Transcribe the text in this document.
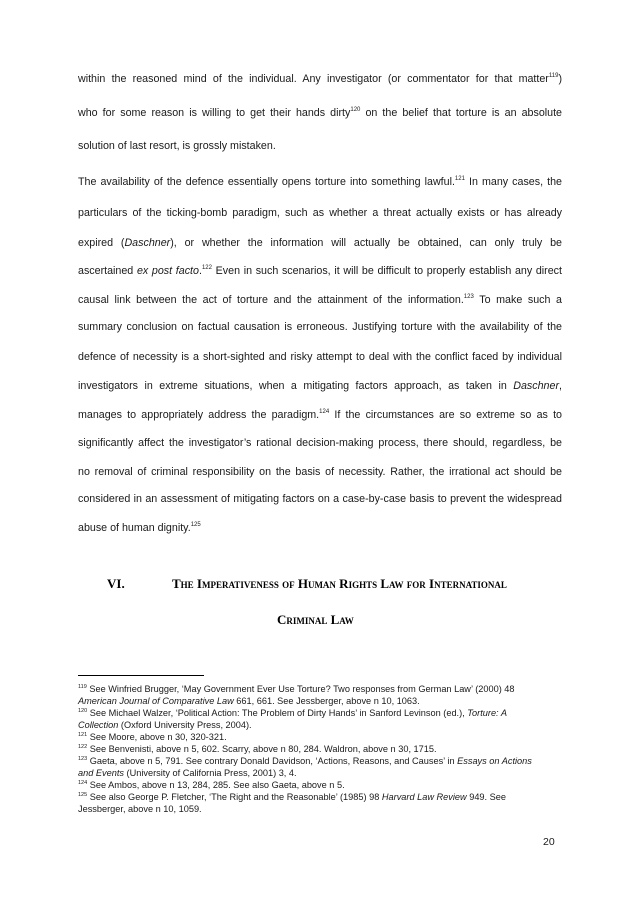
within the reasoned mind of the individual. Any investigator (or commentator for that matter$^{119}$)
who for some reason is willing to get their hands dirty$^{120}$ on the belief that torture is an absolute
solution of last resort, is grossly mistaken.
The availability of the defence essentially opens torture into something lawful.$^{121}$ In many cases, the
particulars of the ticking-bomb paradigm, such as whether a threat actually exists or has already
expired (Daschner), or whether the information will actually be obtained, can only truly be
ascertained ex post facto.$^{122}$ Even in such scenarios, it will be difficult to properly establish any direct
causal link between the act of torture and the attainment of the information.$^{123}$ To make such a
summary conclusion on factual causation is erroneous. Justifying torture with the availability of the
defence of necessity is a short-sighted and risky attempt to deal with the conflict faced by individual
investigators in extreme situations, when a mitigating factors approach, as taken in Daschner,
manages to appropriately address the paradigm.$^{124}$ If the circumstances are so extreme so as to
significantly affect the investigator’s rational decision-making process, there should, regardless, be
no removal of criminal responsibility on the basis of necessity. Rather, the irrational act should be
considered in an assessment of mitigating factors on a case-by-case basis to prevent the widespread
abuse of human dignity.$^{125}$
VI.	The Imperativeness of Human Rights Law for International
Criminal Law
$^{119}$ See Winfried Brugger, ‘May Government Ever Use Torture? Two responses from German Law’ (2000) 48
American Journal of Comparative Law 661, 661. See Jessberger, above n 10, 1063.
$^{120}$ See Michael Walzer, ‘Political Action: The Problem of Dirty Hands’ in Sanford Levinson (ed.), Torture: A
Collection (Oxford University Press, 2004).
$^{121}$ See Moore, above n 30, 320-321.
$^{122}$ See Benvenisti, above n 5, 602. Scarry, above n 80, 284. Waldron, above n 30, 1715.
$^{123}$ Gaeta, above n 5, 791. See contrary Donald Davidson, ‘Actions, Reasons, and Causes’ in Essays on Actions
and Events (University of California Press, 2001) 3, 4.
$^{124}$ See Ambos, above n 13, 284, 285. See also Gaeta, above n 5.
$^{125}$ See also George P. Fletcher, ‘The Right and the Reasonable’ (1985) 98 Harvard Law Review 949. See
Jessberger, above n 10, 1059.
20
